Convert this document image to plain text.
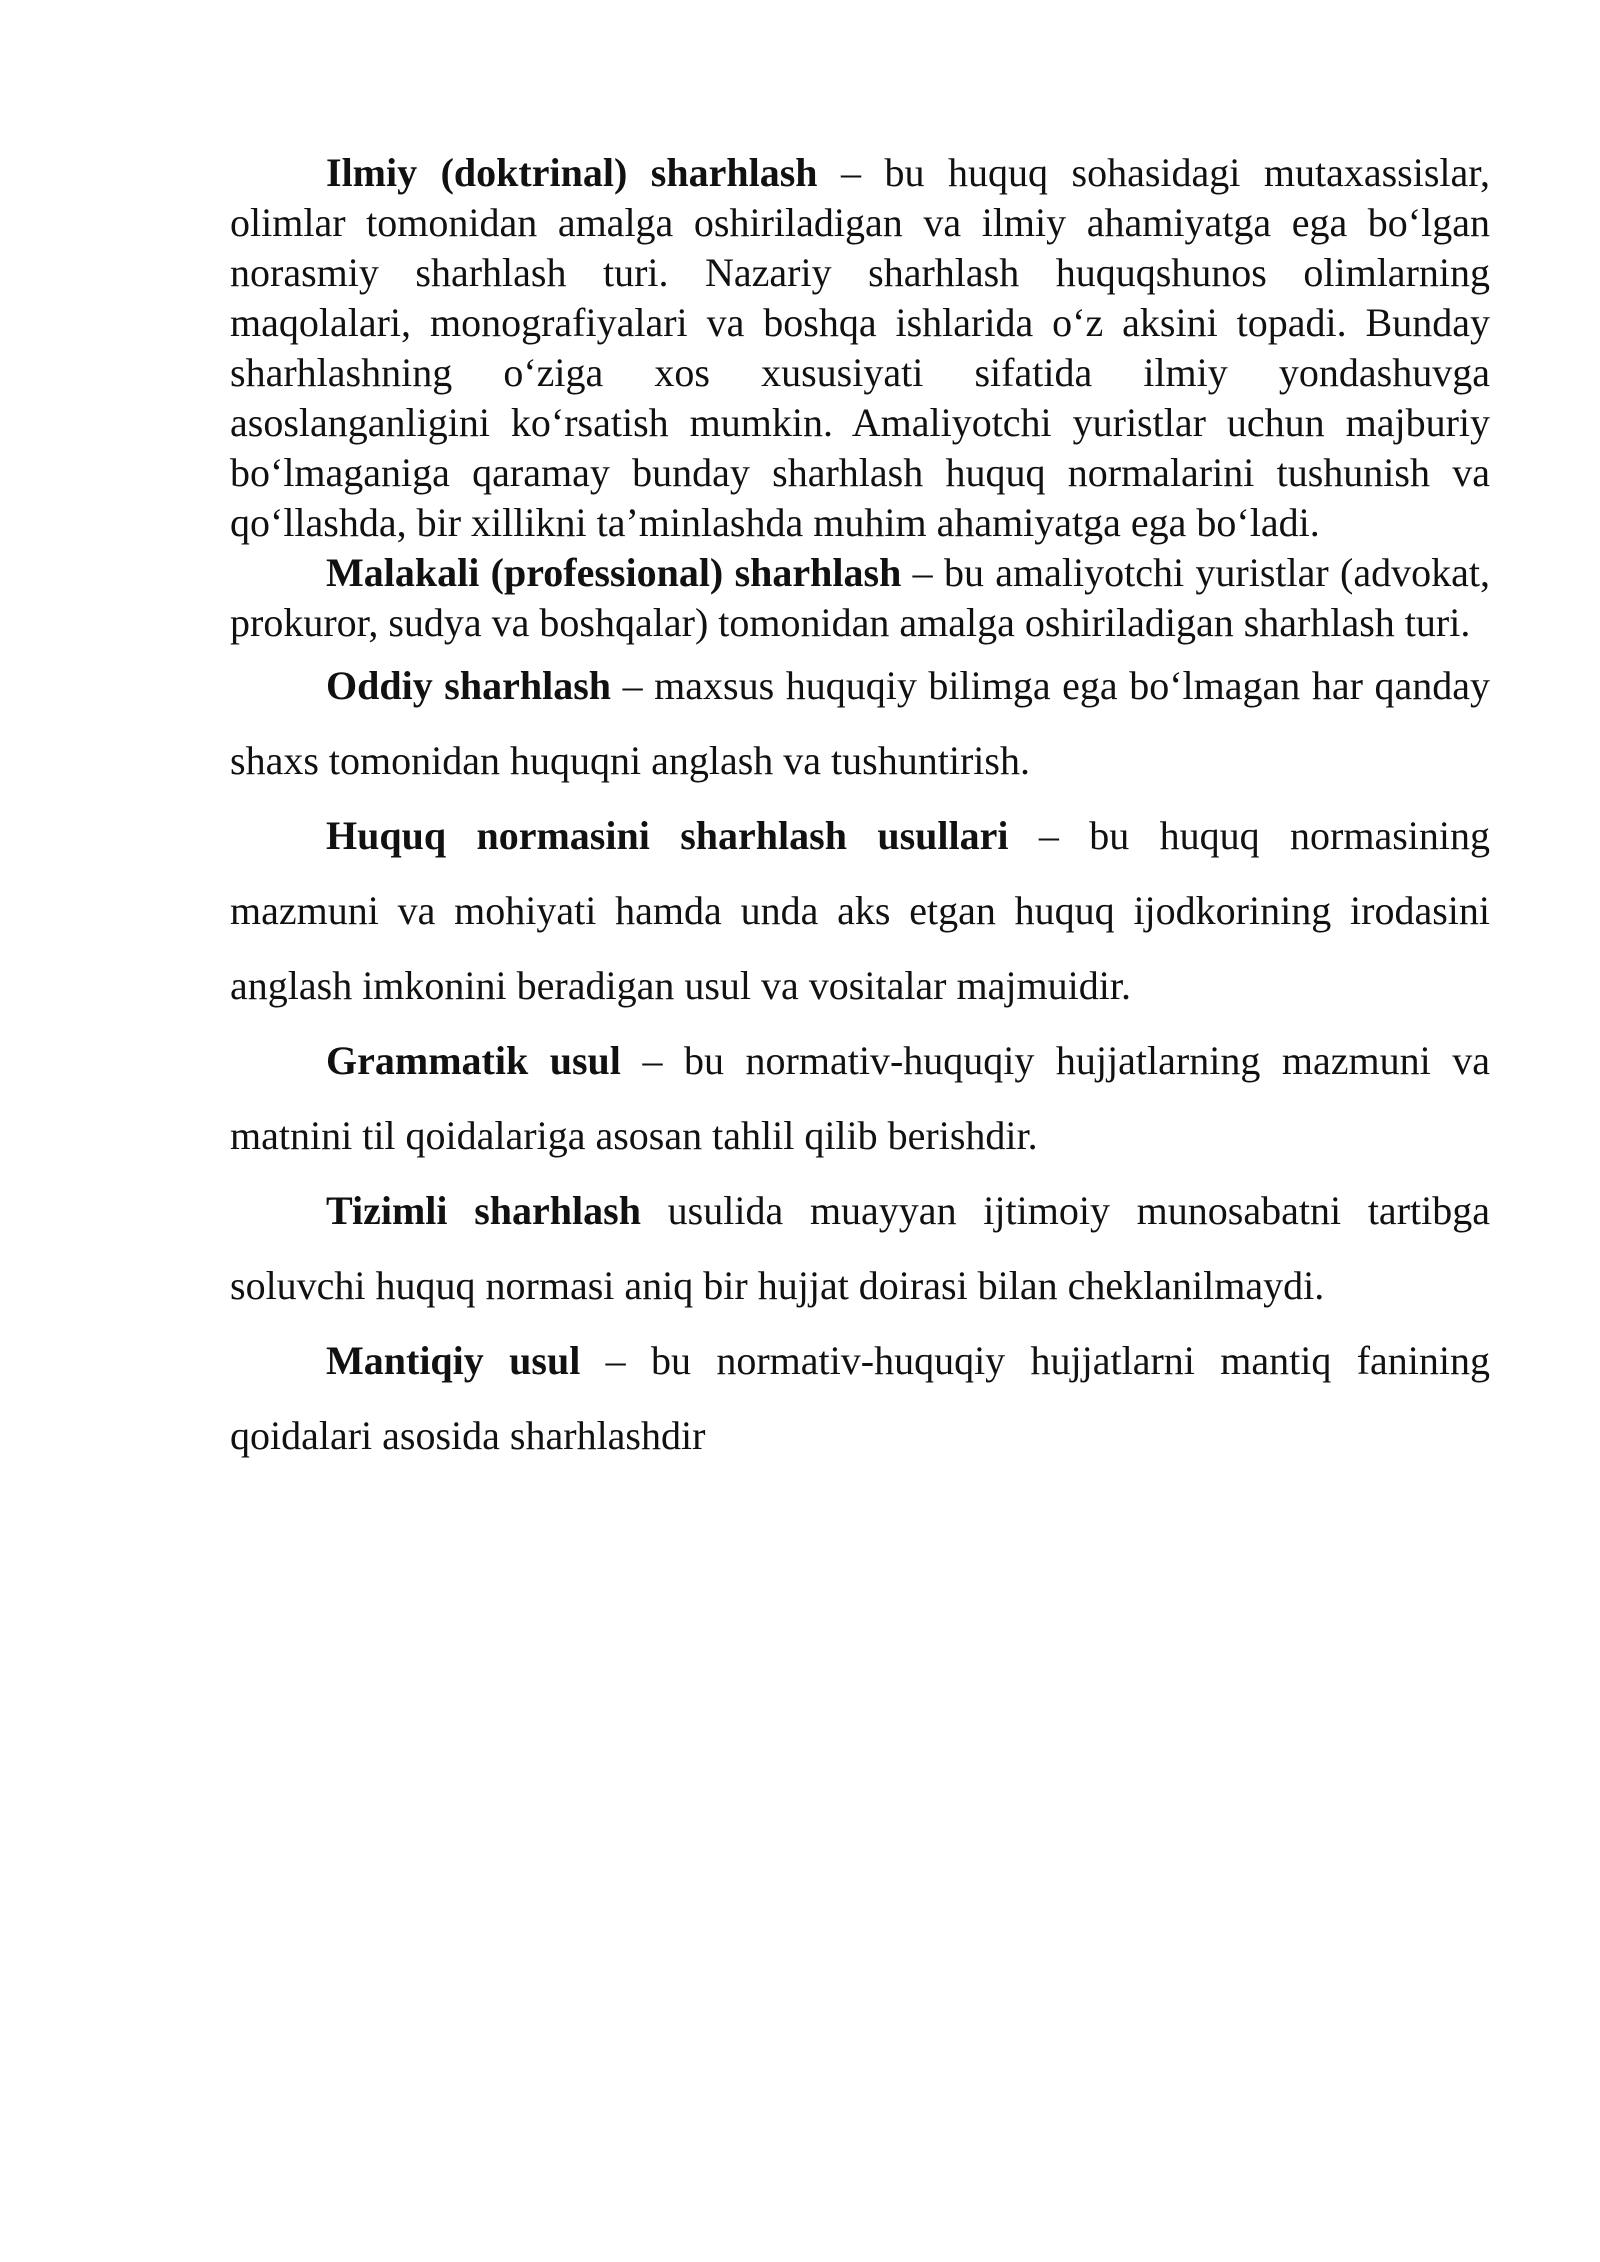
Ilmiy (doktrinal) sharhlash – bu huquq sohasidagi mutaxassislar, olimlar tomonidan amalga oshiriladigan va ilmiy ahamiyatga ega bo‘lgan norasmiy sharhlash turi. Nazariy sharhlash huquqshunos olimlarning maqolalari, monografiyalari va boshqa ishlarida o‘z aksini topadi. Bunday sharhlashning o‘ziga xos xususiyati sifatida ilmiy yondashuvga asoslanganligini ko‘rsatish mumkin. Amaliyotchi yuristlar uchun majburiy bo‘lmaganiga qaramay bunday sharhlash huquq normalarini tushunish va qo‘llashda, bir xillikni ta’minlashda muhim ahamiyatga ega bo‘ladi.

Malakali (professional) sharhlash – bu amaliyotchi yuristlar (advokat, prokuror, sudya va boshqalar) tomonidan amalga oshiriladigan sharhlash turi.

Oddiy sharhlash – maxsus huquqiy bilimga ega bo‘lmagan har qanday shaxs tomonidan huquqni anglash va tushuntirish.

Huquq normasini sharhlash usullari – bu huquq normasining mazmuni va mohiyati hamda unda aks etgan huquq ijodkorining irodasini anglash imkonini beradigan usul va vositalar majmuidir.

Grammatik usul – bu normativ-huquqiy hujjatlarning mazmuni va matnini til qoidalariga asosan tahlil qilib berishdir.

Tizimli sharhlash usulida muayyan ijtimoiy munosabatni tartibga soluvchi huquq normasi aniq bir hujjat doirasi bilan cheklanilmaydi.

Mantiqiy usul – bu normativ-huquqiy hujjatlarni mantiq fanining qoidalari asosida sharhlashdir
